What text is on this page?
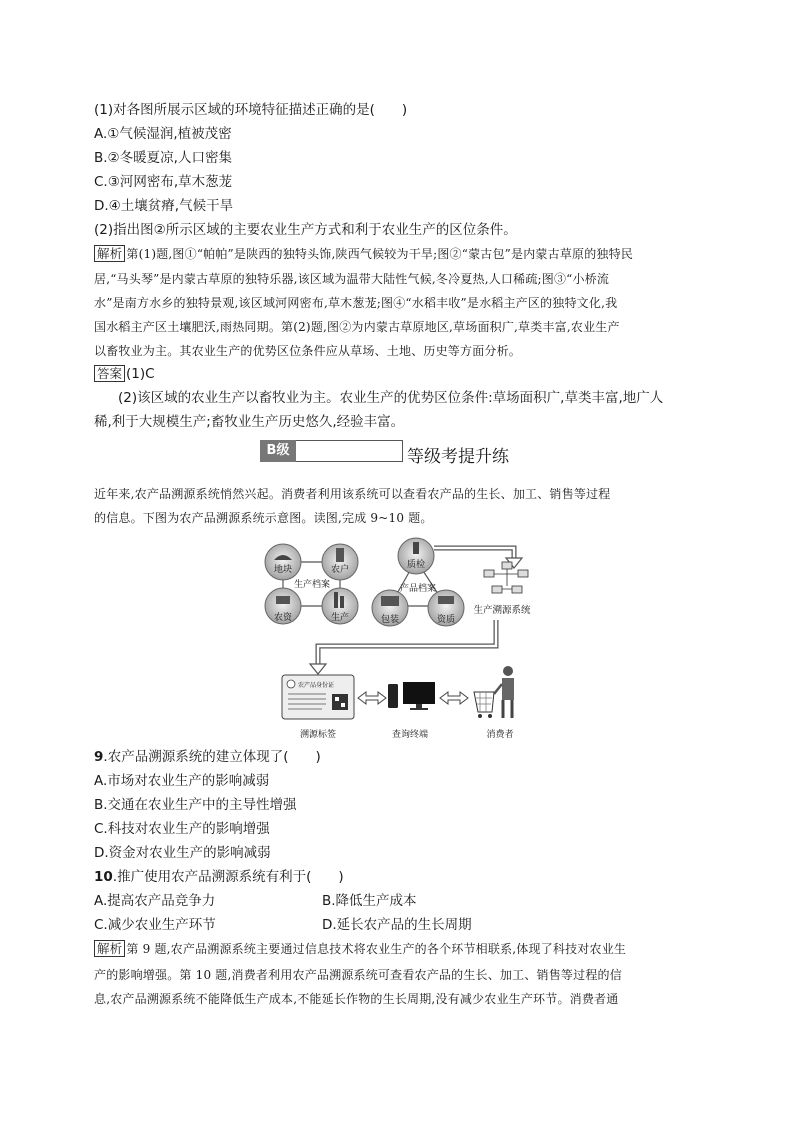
(1)对各图所展示区域的环境特征描述正确的是(　　)
A.①气候湿润,植被茂密
B.②冬暖夏凉,人口密集
C.③河网密布,草木葱茏
D.④土壤贫瘠,气候干旱
(2)指出图②所示区域的主要农业生产方式和利于农业生产的区位条件。
解析 第(1)题,图①“帕帕”是陕西的独特头饰,陕西气候较为干旱;图②“蒙古包”是内蒙古草原的独特民
居,“马头琴”是内蒙古草原的独特乐器,该区域为温带大陆性气候,冬冷夏热,人口稀疏;图③“小桥流
水”是南方水乡的独特景观,该区域河网密布,草木葱茏;图④“水稻丰收”是水稻主产区的独特文化,我
国水稻主产区土壤肥沃,雨热同期。第(2)题,图②为内蒙古草原地区,草场面积广,草类丰富,农业生产
以畜牧业为主。其农业生产的优势区位条件应从草场、土地、历史等方面分析。
答案 (1)C
(2)该区域的农业生产以畜牧业为主。农业生产的优势区位条件:草场面积广,草类丰富,地广人
稀,利于大规模生产;畜牧业生产历史悠久,经验丰富。
B级	等级考提升练
近年来,农产品溯源系统悄然兴起。消费者利用该系统可以查看农产品的生长、加工、销售等过程
的信息。下图为农产品溯源系统示意图。读图,完成 9~10 题。
地块	农户
农资	生产
生产档案
质检
包装	资质
产品档案
生产溯源系统
农产品身份证
溯源标签	查询终端	消费者
9.农产品溯源系统的建立体现了(　　)
A.市场对农业生产的影响减弱
B.交通在农业生产中的主导性增强
C.科技对农业生产的影响增强
D.资金对农业生产的影响减弱
10.推广使用农产品溯源系统有利于(　　)
A.提高农产品竞争力	B.降低生产成本
C.减少农业生产环节	D.延长农产品的生长周期
解析 第 9 题,农产品溯源系统主要通过信息技术将农业生产的各个环节相联系,体现了科技对农业生
产的影响增强。第 10 题,消费者利用农产品溯源系统可查看农产品的生长、加工、销售等过程的信
息,农产品溯源系统不能降低生产成本,不能延长作物的生长周期,没有减少农业生产环节。消费者通
